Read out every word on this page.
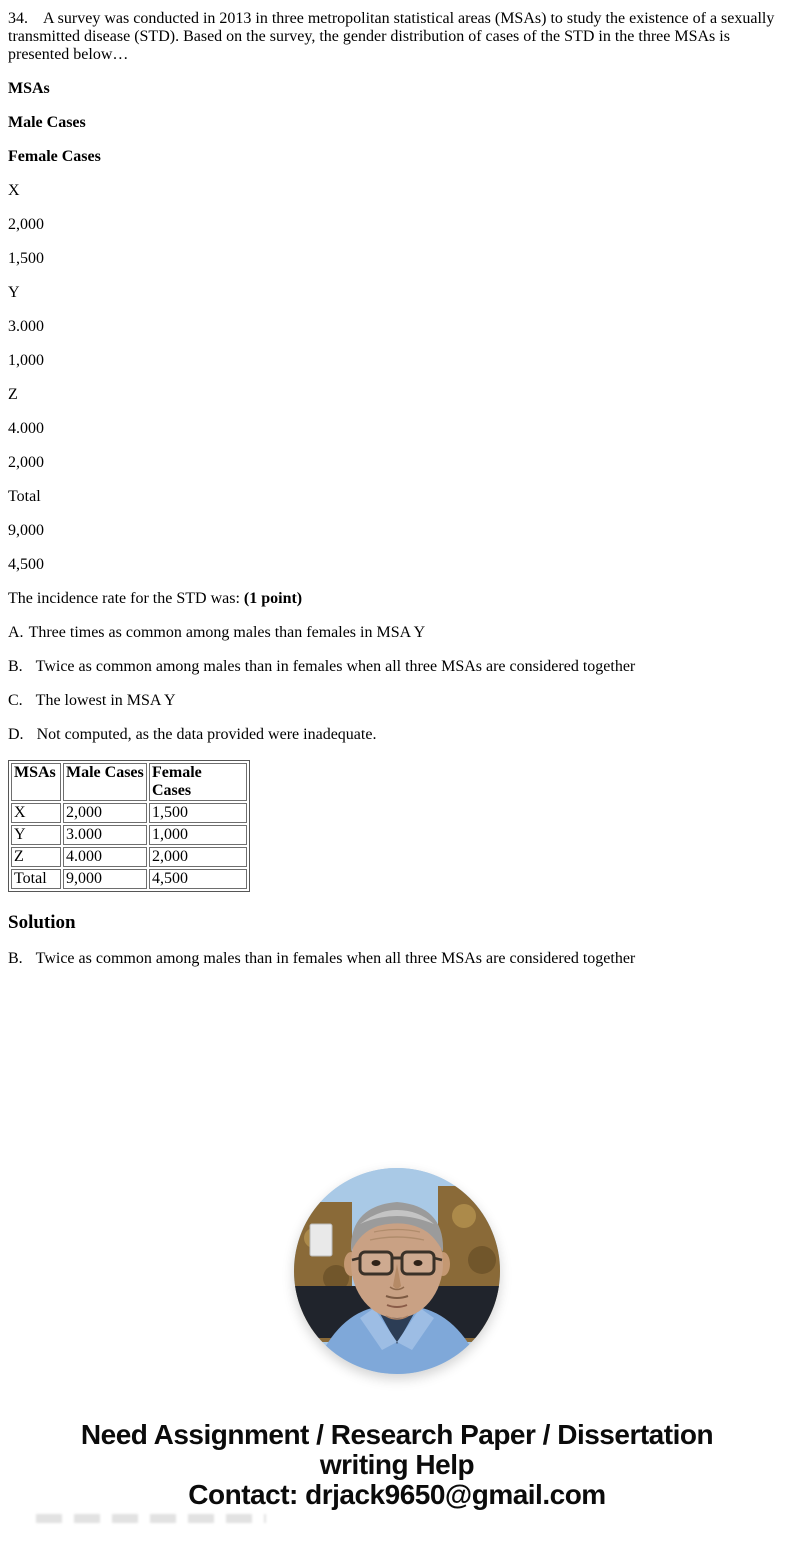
34. A survey was conducted in 2013 in three metropolitan statistical areas (MSAs) to study the existence of a sexually transmitted disease (STD). Based on the survey, the gender distribution of cases of the STD in the three MSAs is presented below…

MSAs

Male Cases

Female Cases

X

2,000

1,500

Y

3.000

1,000

Z

4.000

2,000

Total

9,000

4,500

The incidence rate for the STD was: (1 point)

A. Three times as common among males than females in MSA Y

B. Twice as common among males than in females when all three MSAs are considered together

C. The lowest in MSA Y

D. Not computed, as the data provided were inadequate.

MSAs	Male Cases	Female Cases
X	2,000	1,500
Y	3.000	1,000
Z	4.000	2,000
Total	9,000	4,500
Solution

B. Twice as common among males than in females when all three MSAs are considered together

Need Assignment / Research Paper / Dissertation
writing Help
Contact: drjack9650@gmail.com
